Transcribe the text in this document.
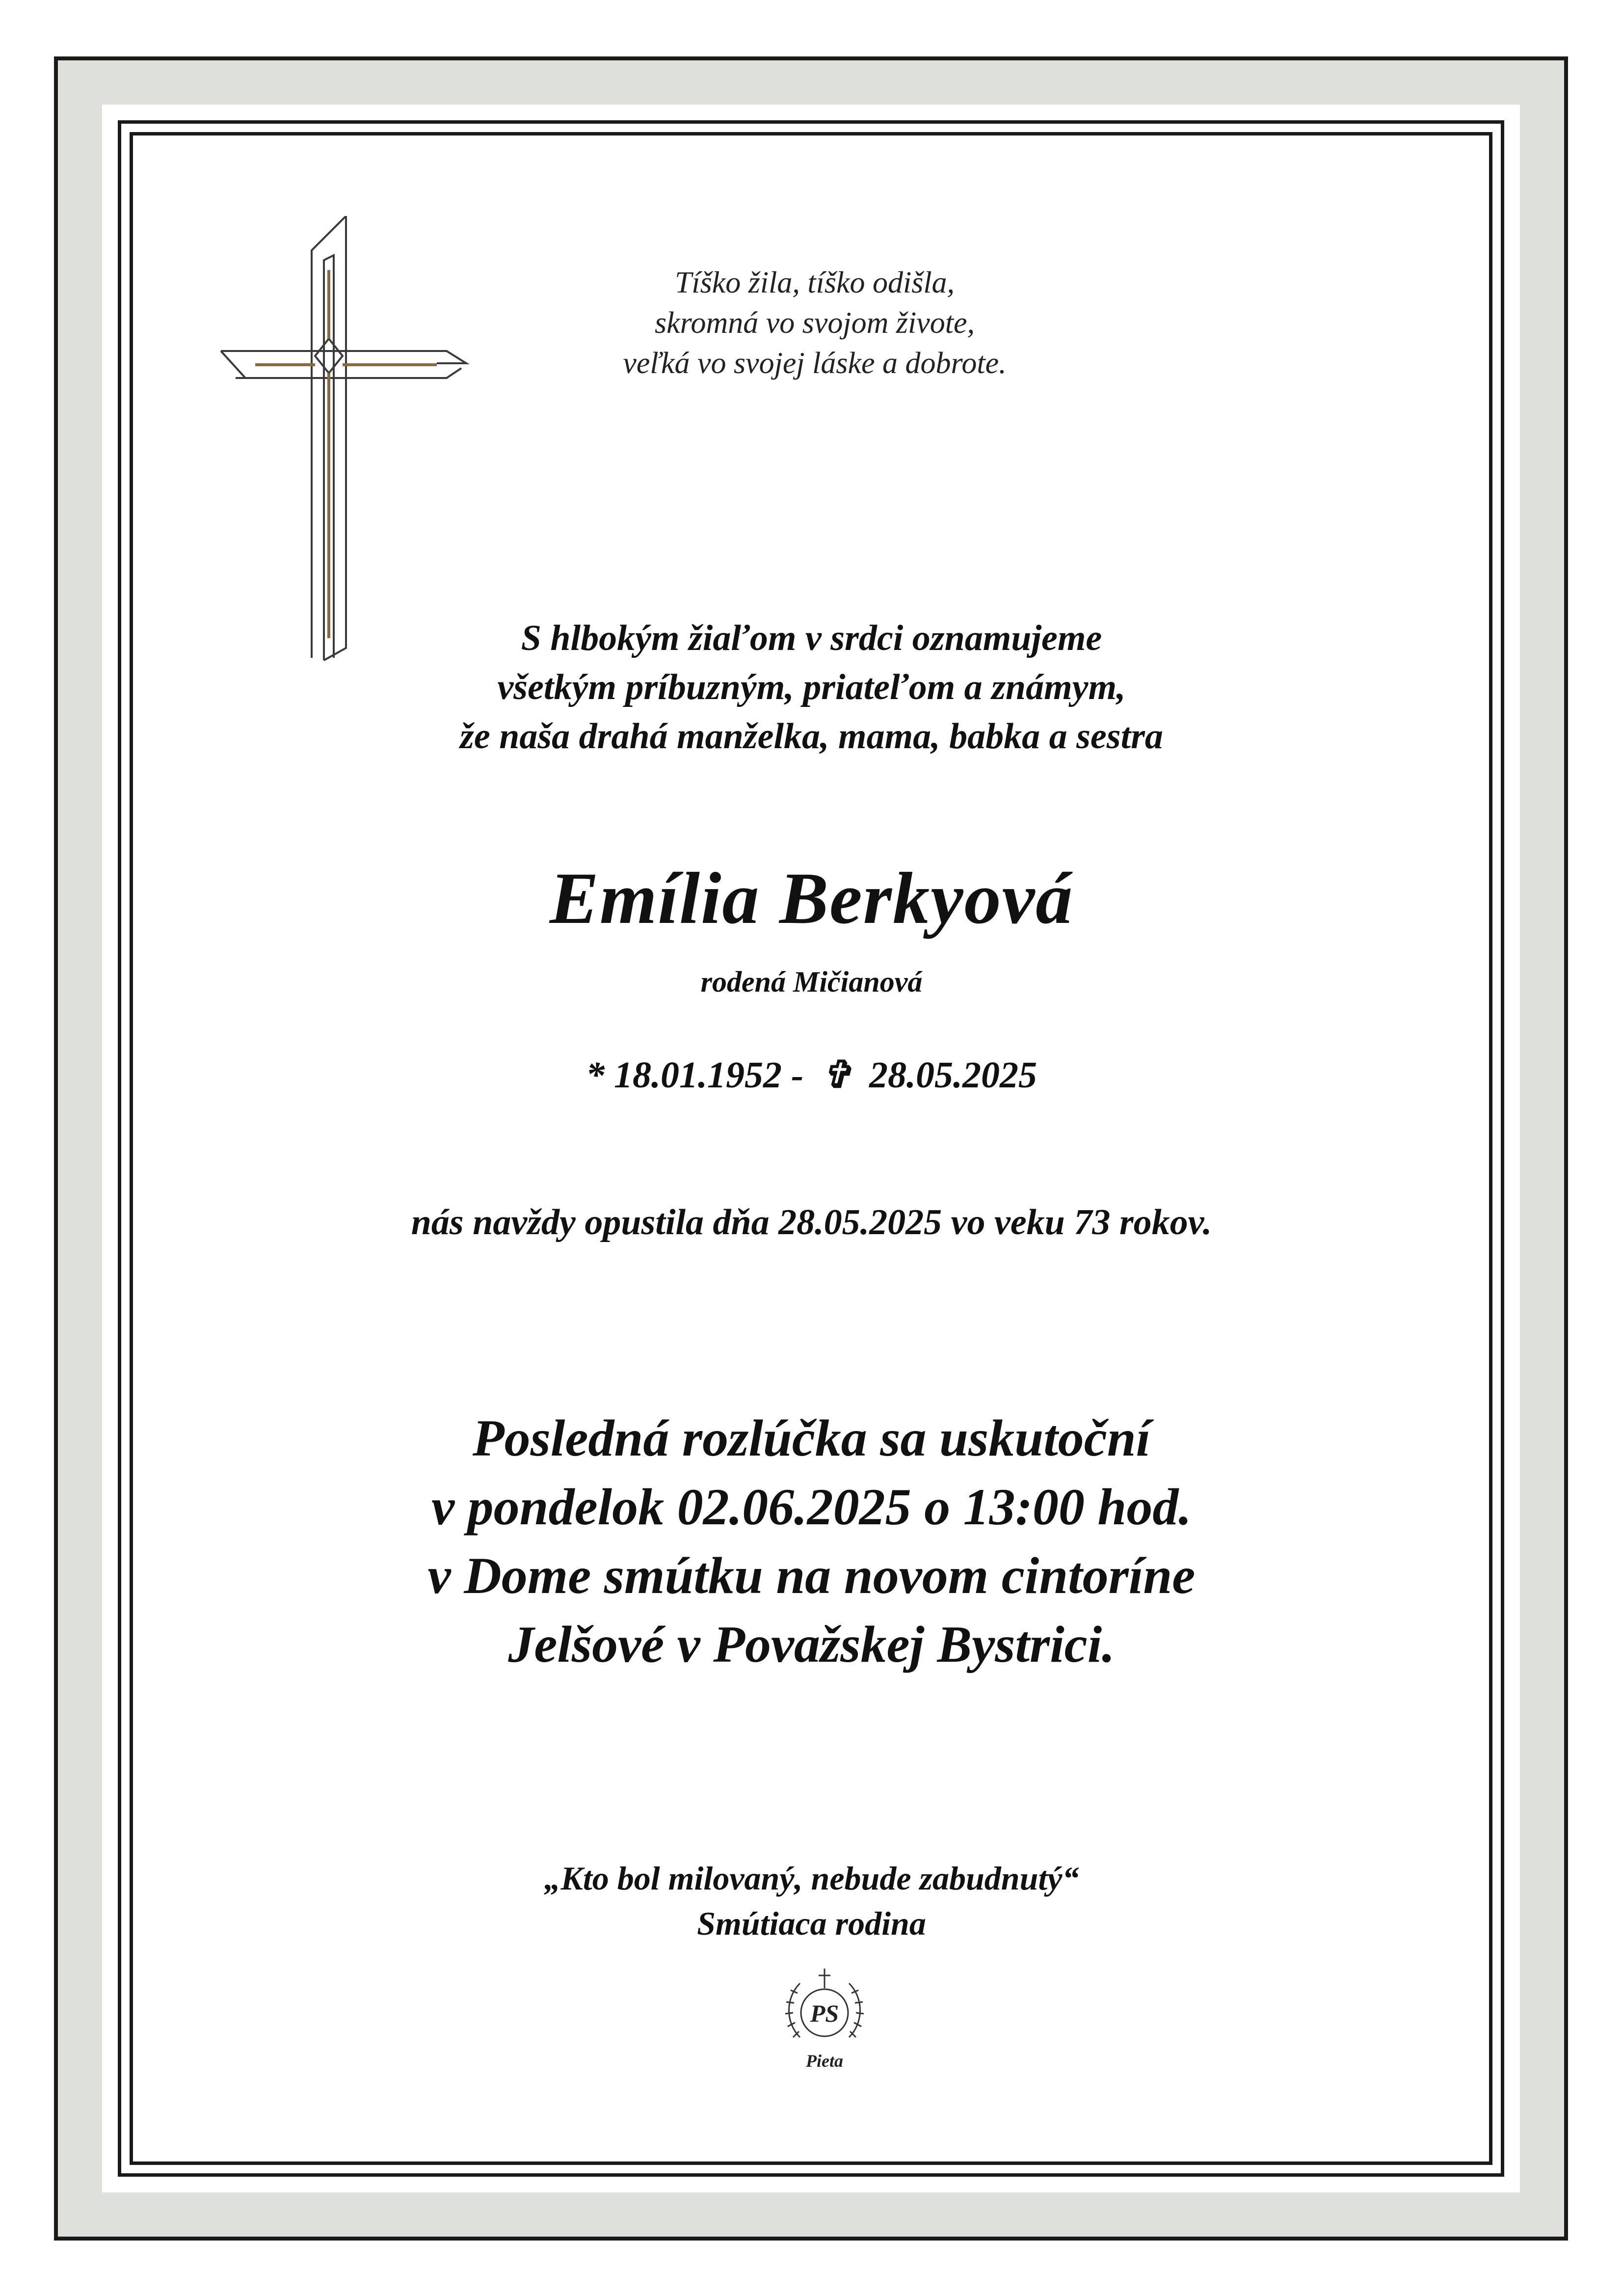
Tíško žila, tíško odišla,
skromná vo svojom živote,
veľká vo svojej láske a dobrote.
S hlbokým žiaľom v srdci oznamujeme
všetkým príbuzným, priateľom a známym,
že naša drahá manželka, mama, babka a sestra
Emília Berkyová
rodená Mičianová
* 18.01.1952 - ✞ 28.05.2025
nás navždy opustila dňa 28.05.2025 vo veku 73 rokov.
Posledná rozlúčka sa uskutoční
v pondelok 02.06.2025 o 13:00 hod.
v Dome smútku na novom cintoríne
Jelšové v Považskej Bystrici.
„Kto bol milovaný, nebude zabudnutý“
Smútiaca rodina
PS
Pieta
